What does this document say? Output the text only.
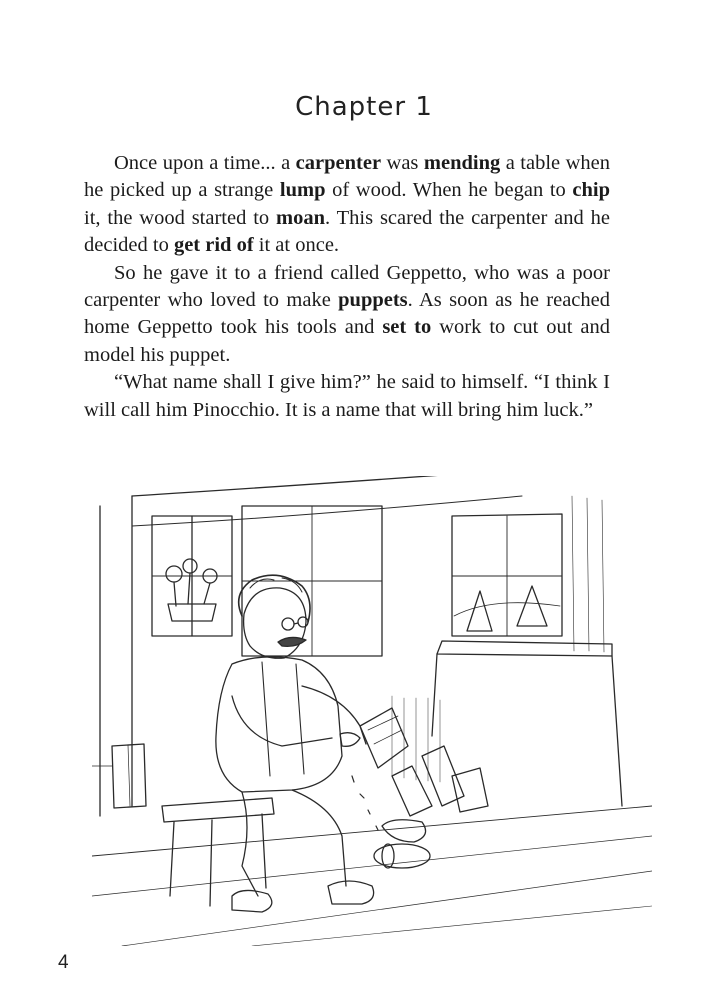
Chapter 1

Once upon a time... a carpenter was mending a table when he picked up a strange lump of wood. When he began to chip it, the wood started to moan. This scared the carpenter and he decided to get rid of it at once.

So he gave it to a friend called Geppetto, who was a poor carpenter who loved to make puppets. As soon as he reached home Geppetto took his tools and set to work to cut out and model his puppet.

“What name shall I give him?” he said to himself. “I think I will call him Pinocchio. It is a name that will bring him luck.”

4
